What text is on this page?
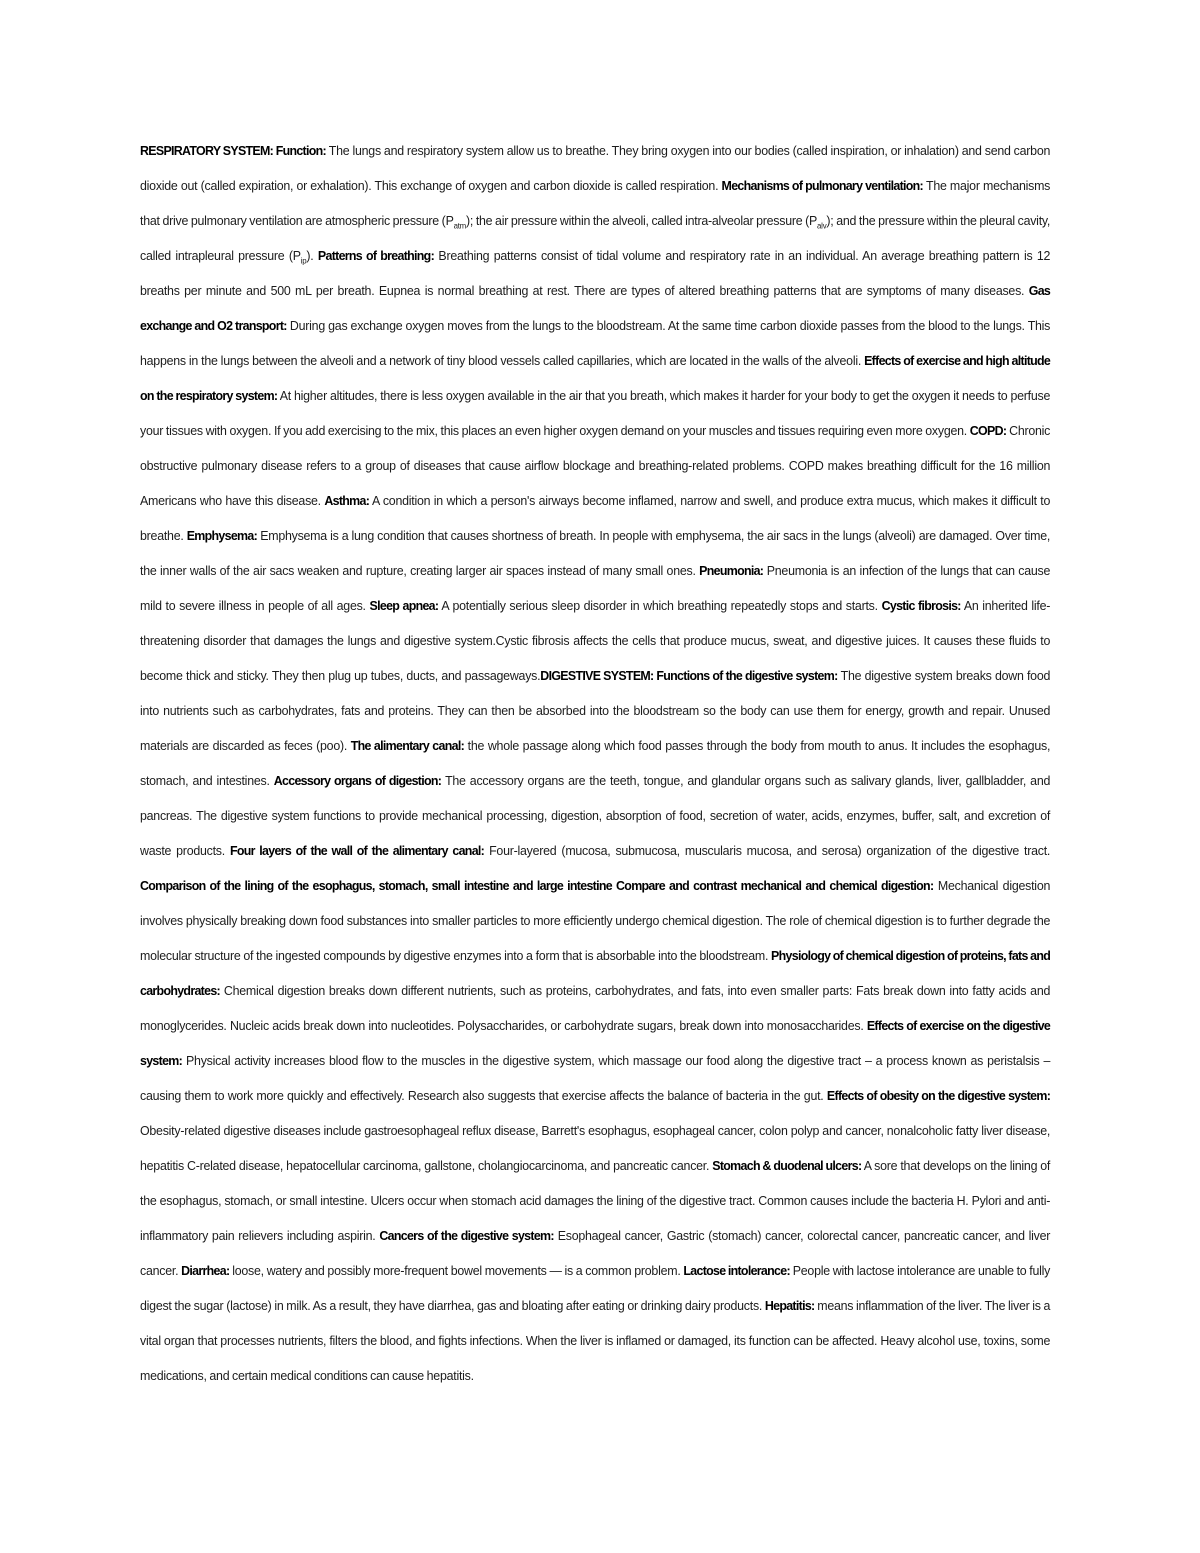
RESPIRATORY SYSTEM: Function: The lungs and respiratory system allow us to breathe. They bring oxygen into our bodies (called inspiration, or inhalation) and send carbon dioxide out (called expiration, or exhalation). This exchange of oxygen and carbon dioxide is called respiration. Mechanisms of pulmonary ventilation: The major mechanisms that drive pulmonary ventilation are atmospheric pressure $(P_{atm})$; the air pressure within the alveoli, called intra-alveolar pressure $(P_{alv})$; and the pressure within the pleural cavity, called intrapleural pressure $(P_{ip})$. Patterns of breathing: Breathing patterns consist of tidal volume and respiratory rate in an individual. An average breathing pattern is 12 breaths per minute and 500 mL per breath. Eupnea is normal breathing at rest. There are types of altered breathing patterns that are symptoms of many diseases. Gas exchange and O2 transport: During gas exchange oxygen moves from the lungs to the bloodstream. At the same time carbon dioxide passes from the blood to the lungs. This happens in the lungs between the alveoli and a network of tiny blood vessels called capillaries, which are located in the walls of the alveoli. Effects of exercise and high altitude on the respiratory system: At higher altitudes, there is less oxygen available in the air that you breath, which makes it harder for your body to get the oxygen it needs to perfuse your tissues with oxygen. If you add exercising to the mix, this places an even higher oxygen demand on your muscles and tissues requiring even more oxygen. COPD: Chronic obstructive pulmonary disease refers to a group of diseases that cause airflow blockage and breathing-related problems. COPD makes breathing difficult for the 16 million Americans who have this disease. Asthma: A condition in which a person's airways become inflamed, narrow and swell, and produce extra mucus, which makes it difficult to breathe. Emphysema: Emphysema is a lung condition that causes shortness of breath. In people with emphysema, the air sacs in the lungs (alveoli) are damaged. Over time, the inner walls of the air sacs weaken and rupture, creating larger air spaces instead of many small ones. Pneumonia: Pneumonia is an infection of the lungs that can cause mild to severe illness in people of all ages. Sleep apnea: A potentially serious sleep disorder in which breathing repeatedly stops and starts. Cystic fibrosis: An inherited life-threatening disorder that damages the lungs and digestive system.Cystic fibrosis affects the cells that produce mucus, sweat, and digestive juices. It causes these fluids to become thick and sticky. They then plug up tubes, ducts, and passageways.DIGESTIVE SYSTEM: Functions of the digestive system: The digestive system breaks down food into nutrients such as carbohydrates, fats and proteins. They can then be absorbed into the bloodstream so the body can use them for energy, growth and repair. Unused materials are discarded as feces (poo). The alimentary canal: the whole passage along which food passes through the body from mouth to anus. It includes the esophagus, stomach, and intestines. Accessory organs of digestion: The accessory organs are the teeth, tongue, and glandular organs such as salivary glands, liver, gallbladder, and pancreas. The digestive system functions to provide mechanical processing, digestion, absorption of food, secretion of water, acids, enzymes, buffer, salt, and excretion of waste products. Four layers of the wall of the alimentary canal: Four-layered (mucosa, submucosa, muscularis mucosa, and serosa) organization of the digestive tract. Comparison of the lining of the esophagus, stomach, small intestine and large intestine Compare and contrast mechanical and chemical digestion: Mechanical digestion involves physically breaking down food substances into smaller particles to more efficiently undergo chemical digestion. The role of chemical digestion is to further degrade the molecular structure of the ingested compounds by digestive enzymes into a form that is absorbable into the bloodstream. Physiology of chemical digestion of proteins, fats and carbohydrates: Chemical digestion breaks down different nutrients, such as proteins, carbohydrates, and fats, into even smaller parts: Fats break down into fatty acids and monoglycerides. Nucleic acids break down into nucleotides. Polysaccharides, or carbohydrate sugars, break down into monosaccharides. Effects of exercise on the digestive system: Physical activity increases blood flow to the muscles in the digestive system, which massage our food along the digestive tract – a process known as peristalsis – causing them to work more quickly and effectively. Research also suggests that exercise affects the balance of bacteria in the gut. Effects of obesity on the digestive system: Obesity-related digestive diseases include gastroesophageal reflux disease, Barrett's esophagus, esophageal cancer, colon polyp and cancer, nonalcoholic fatty liver disease, hepatitis C-related disease, hepatocellular carcinoma, gallstone, cholangiocarcinoma, and pancreatic cancer. Stomach & duodenal ulcers: A sore that develops on the lining of the esophagus, stomach, or small intestine. Ulcers occur when stomach acid damages the lining of the digestive tract. Common causes include the bacteria H. Pylori and anti-inflammatory pain relievers including aspirin. Cancers of the digestive system: Esophageal cancer, Gastric (stomach) cancer, colorectal cancer, pancreatic cancer, and liver cancer. Diarrhea: loose, watery and possibly more-frequent bowel movements — is a common problem. Lactose intolerance: People with lactose intolerance are unable to fully digest the sugar (lactose) in milk. As a result, they have diarrhea, gas and bloating after eating or drinking dairy products. Hepatitis: means inflammation of the liver. The liver is a vital organ that processes nutrients, filters the blood, and fights infections. When the liver is inflamed or damaged, its function can be affected. Heavy alcohol use, toxins, some medications, and certain medical conditions can cause hepatitis.
